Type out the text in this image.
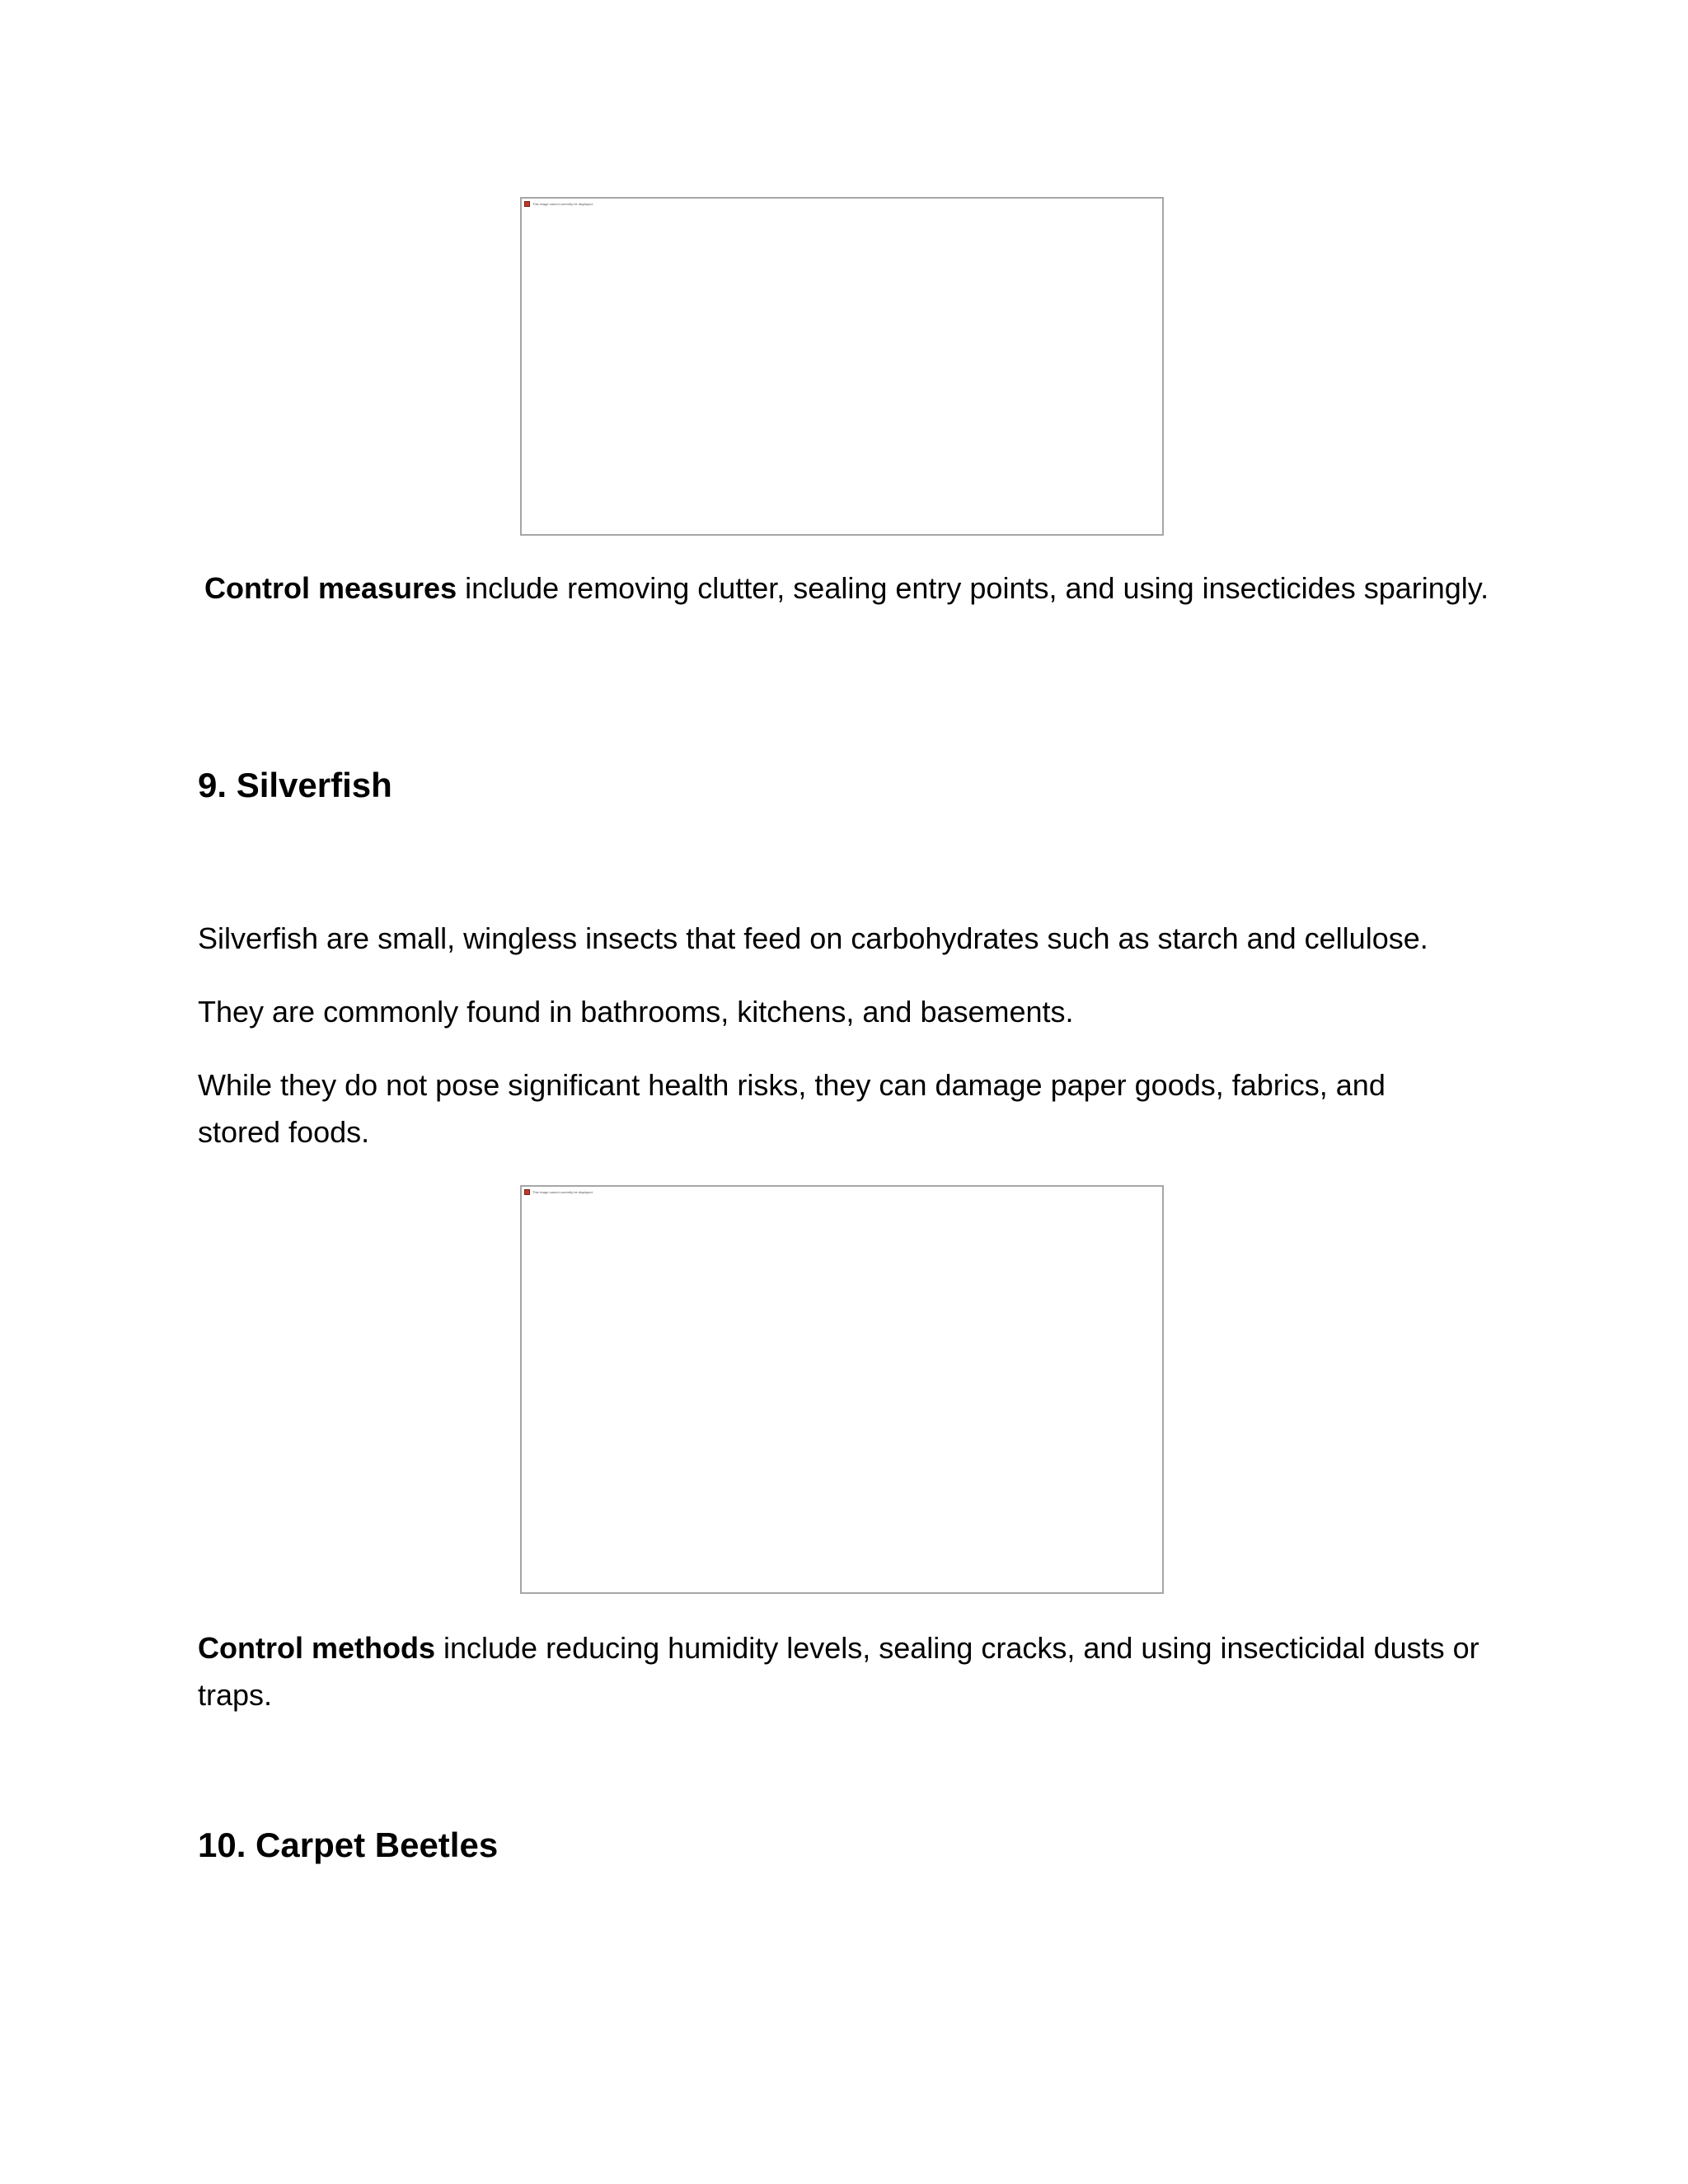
This image cannot currently be displayed.

Control measures include removing clutter, sealing entry points, and using insecticides sparingly.

9. Silverfish

Silverfish are small, wingless insects that feed on carbohydrates such as starch and cellulose.

They are commonly found in bathrooms, kitchens, and basements.

While they do not pose significant health risks, they can damage paper goods, fabrics, and stored foods.

This image cannot currently be displayed.

Control methods include reducing humidity levels, sealing cracks, and using insecticidal dusts or traps.

10. Carpet Beetles
